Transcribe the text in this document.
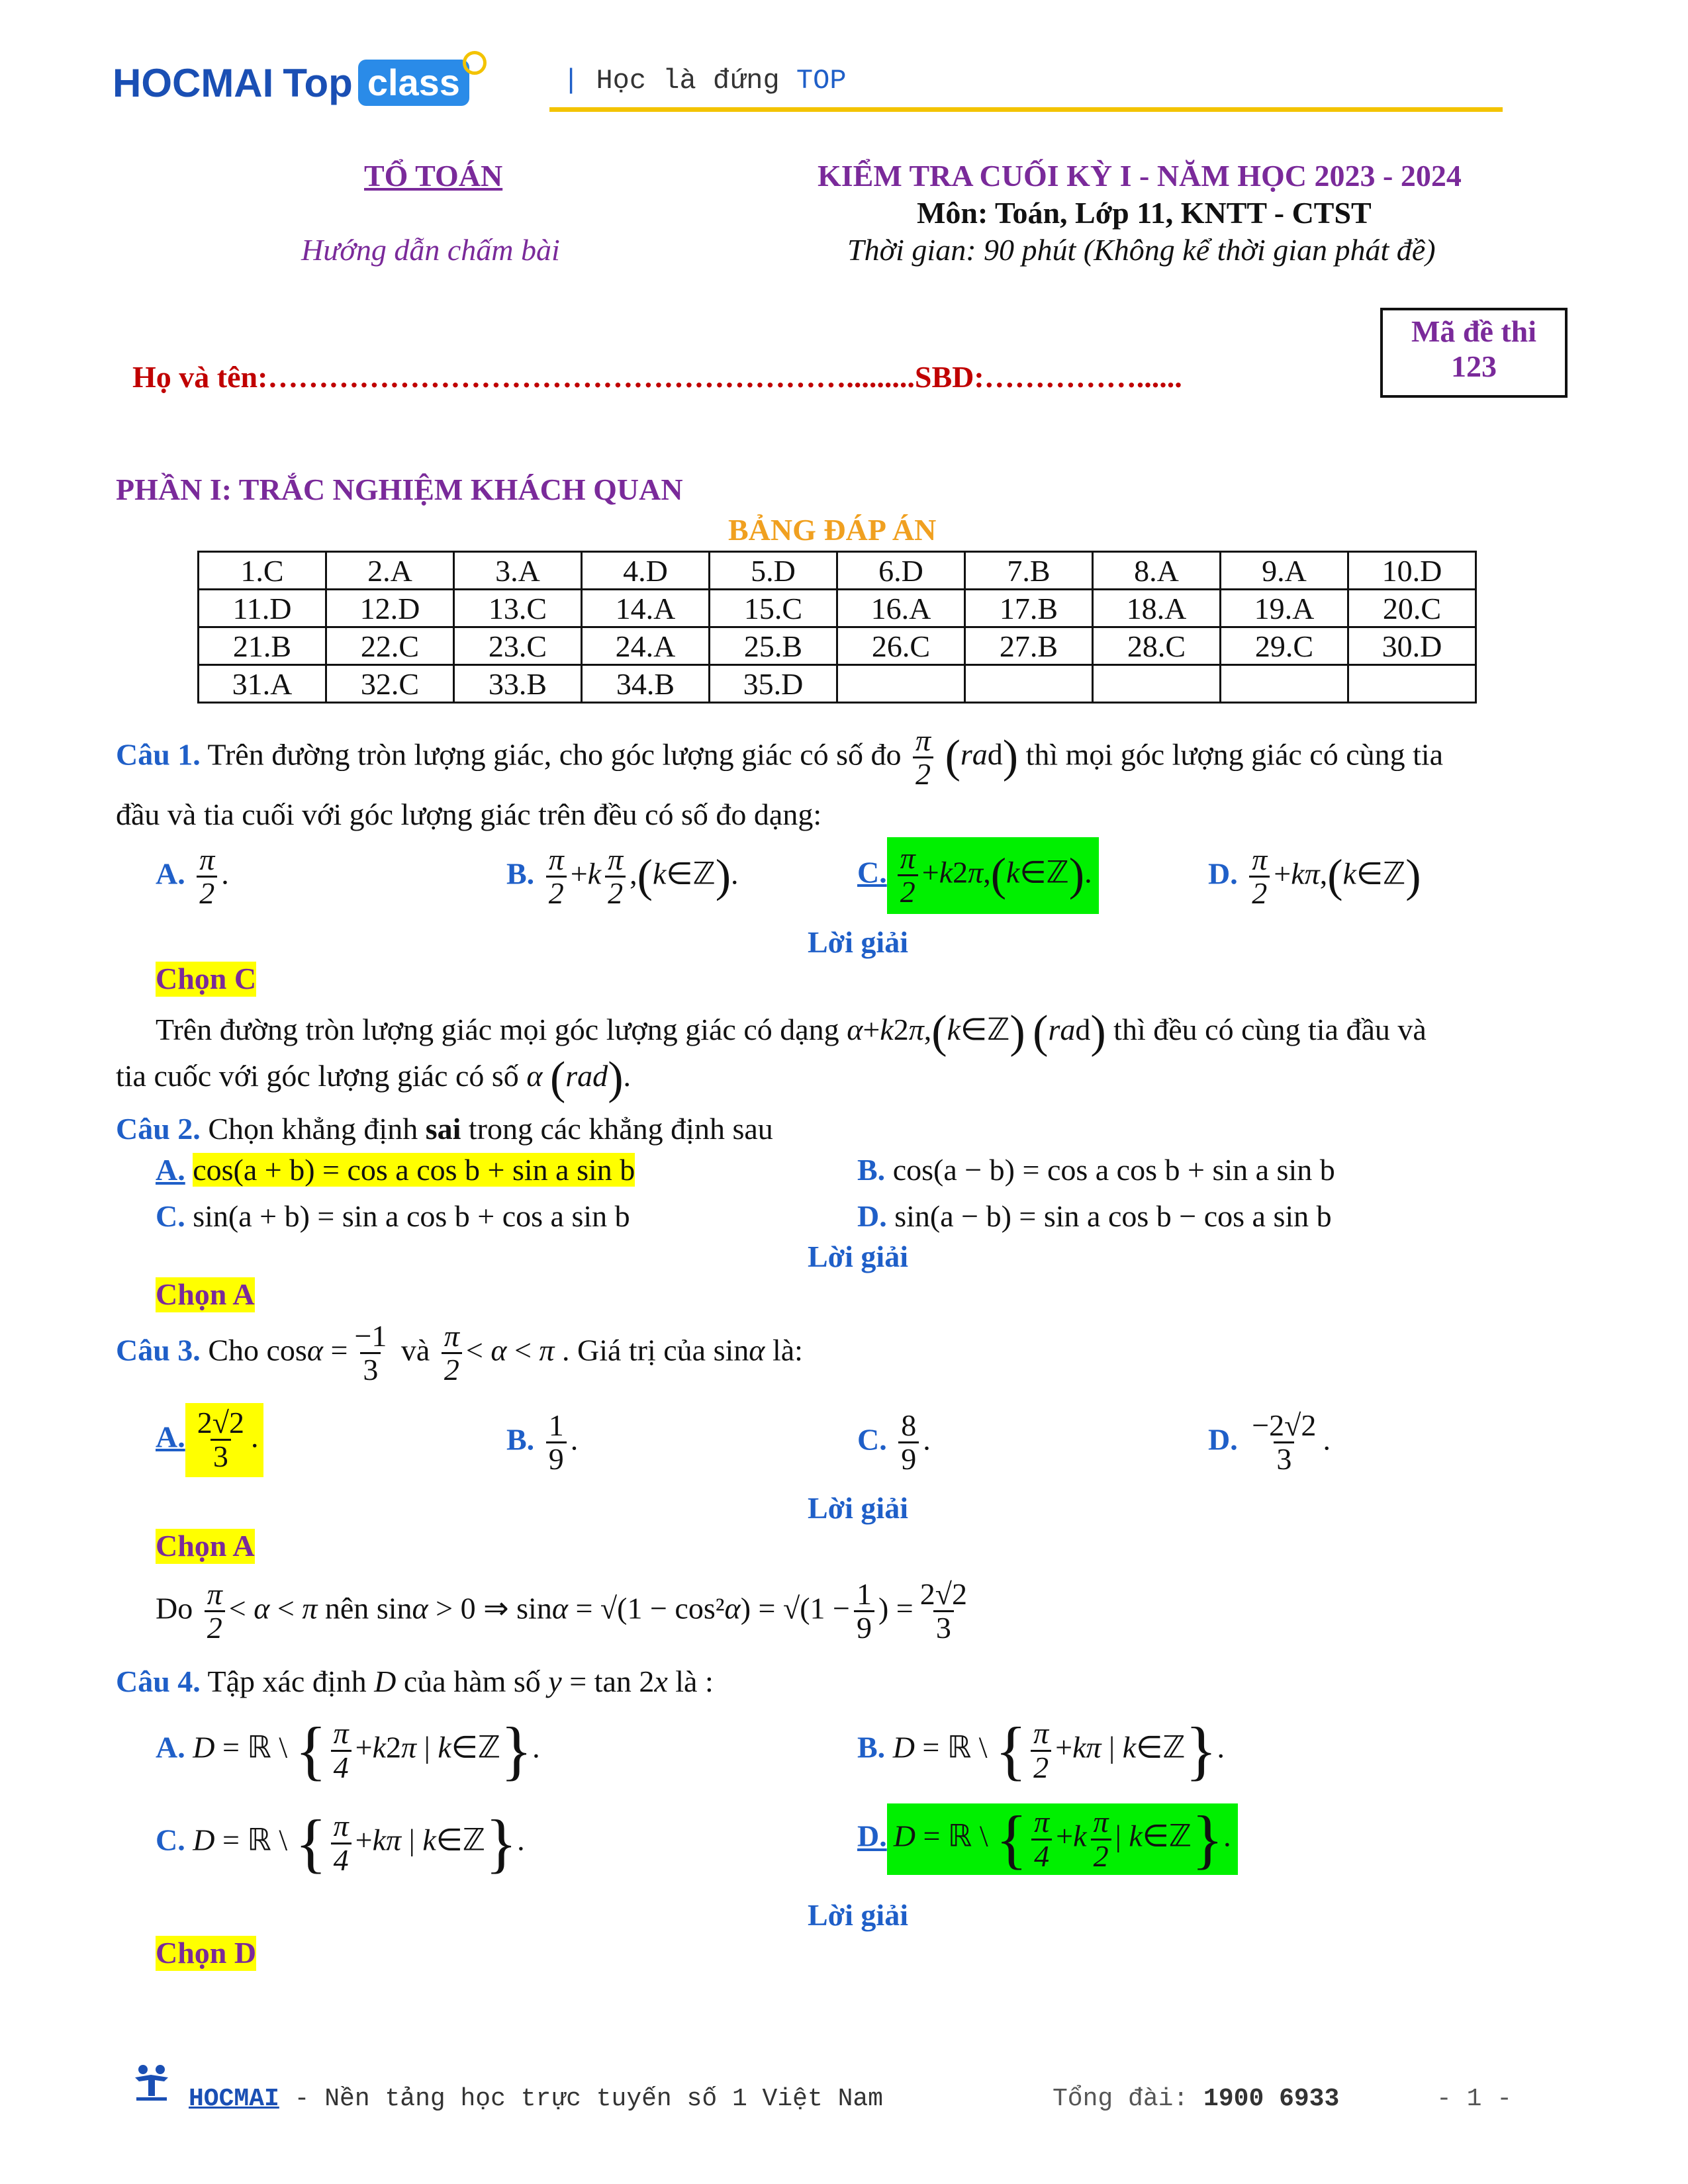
HOCMAI Top class	| Học là đứng TOP
TỔ TOÁN
Hướng dẫn chấm bài
KIỂM TRA CUỐI KỲ I - NĂM HỌC 2023 - 2024
Môn: Toán, Lớp 11, KNTT - CTST
Thời gian: 90 phút (Không kể thời gian phát đề)
Họ và tên:………………………………………………….........SBD:……………......
Mã đề thi
123
PHẦN I: TRẮC NGHIỆM KHÁCH QUAN
BẢNG ĐÁP ÁN
1.C	2.A	3.A	4.D	5.D	6.D	7.B	8.A	9.A	10.D
11.D	12.D	13.C	14.A	15.C	16.A	17.B	18.A	19.A	20.C
21.B	22.C	23.C	24.A	25.B	26.C	27.B	28.C	29.C	30.D
31.A	32.C	33.B	34.B	35.D					
Câu 1. Trên đường tròn lượng giác, cho góc lượng giác có số đo $\frac{\pi}{2} (rad)$ thì mọi góc lượng giác có cùng tia
đầu và tia cuối với góc lượng giác trên đều có số đo dạng:
A. $\frac{\pi}{2}$ .	B. $\frac{\pi}{2} +k \frac{\pi}{2}$ ,(k∈ℤ).	C. $\frac{\pi}{2}$ +k2π,(k∈ℤ).	D. $\frac{\pi}{2}$ +kπ,(k∈ℤ)
Lời giải
Chọn C
Trên đường tròn lượng giác mọi góc lượng giác có dạng α+k2π,(k∈ℤ) (rad) thì đều có cùng tia đầu và
tia cuốc với góc lượng giác có số α (rad).
Câu 2. Chọn khẳng định sai trong các khẳng định sau
A. cos(a + b) = cos a cos b + sin a sin b	B. cos(a − b) = cos a cos b + sin a sin b
C. sin(a + b) = sin a cos b + cos a sin b	D. sin(a − b) = sin a cos b − cos a sin b
Lời giải
Chọn A
Câu 3. Cho $\cos\alpha = \frac{-1}{3}$ và $\frac{\pi}{2} < \alpha < \pi$ . Giá trị của sinα là:
A. $\frac{2√2}{3}$ .	B. $\frac{1}{9}$ .	C. $\frac{8}{9}$ .	D. $\frac{-2√2}{3}$ .
Lời giải
Chọn A
Do $\frac{\pi}{2} < \alpha < \pi$ nên sinα > 0 ⇒ $\sin\alpha = √(1 - \cos^2\alpha) = √(1 - \frac{1}{9}$ ) = $\frac{2√2}{3}$
Câu 4. Tập xác định D của hàm số y = tan 2x là :
A. D = ℝ \ { $\frac{\pi}{4} +k2\pi$ | k∈ℤ}.	B. D = ℝ \ { $\frac{\pi}{2} +k\pi$ | k∈ℤ}.
C. D = ℝ \ { $\frac{\pi}{4} +k\pi$ | k∈ℤ}.	D. D = ℝ \ { $\frac{\pi}{4} +k \frac{\pi}{2}$ | k∈ℤ}.
Lời giải
Chọn D
HOCMAI - Nền tảng học trực tuyến số 1 Việt Nam	Tổng đài: 1900 6933	- 1 -
